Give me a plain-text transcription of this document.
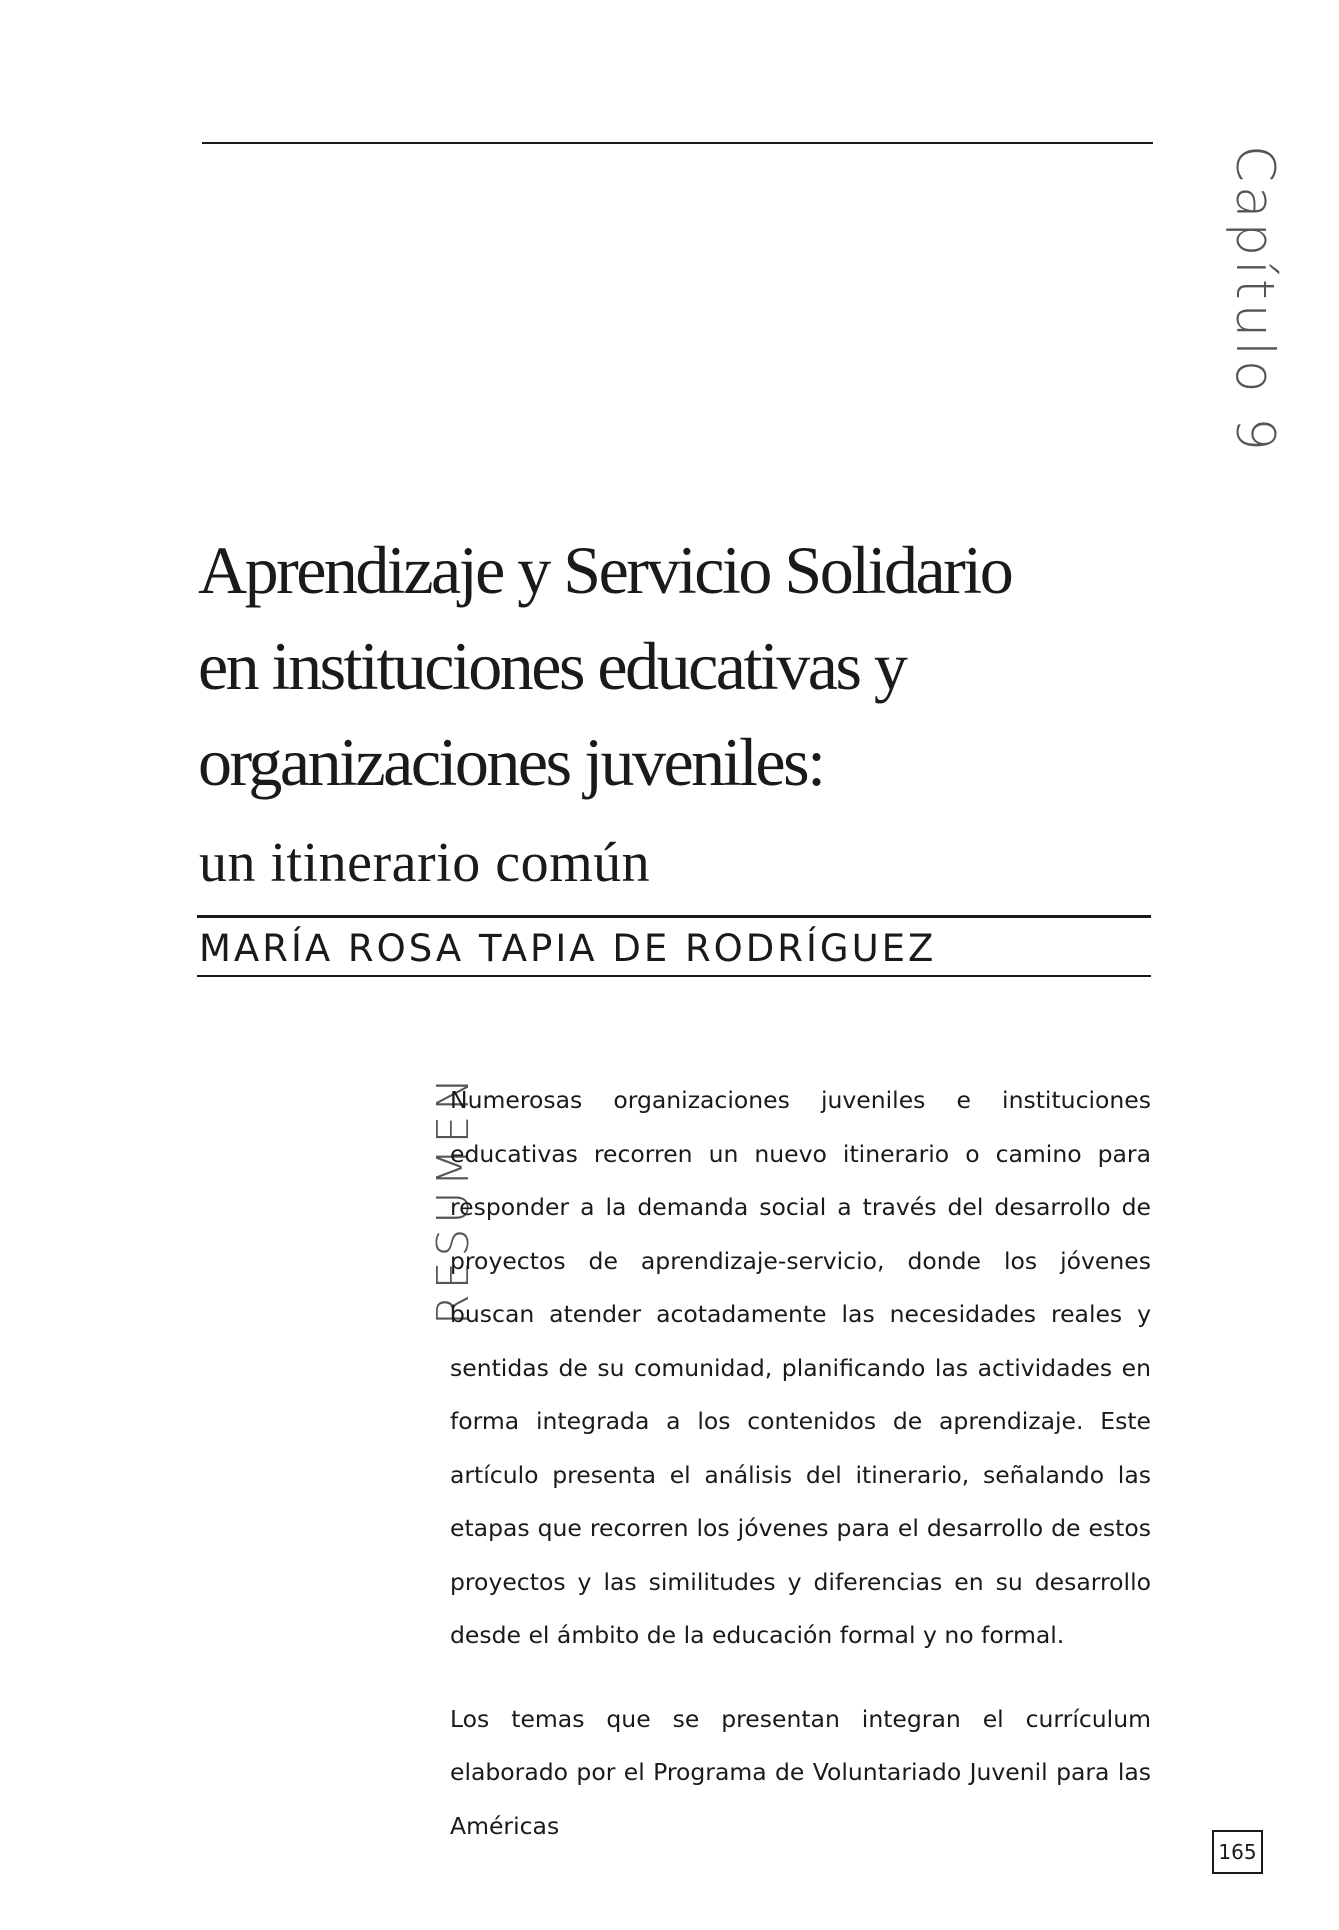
Capítulo 9
Aprendizaje y Servicio Solidario
en instituciones educativas y
organizaciones juveniles:
un itinerario común
MARÍA ROSA TAPIA DE RODRÍGUEZ
RESUMEN

Numerosas organizaciones juveniles e instituciones educativas recorren un nuevo itinerario o camino para responder a la demanda social a través del desarrollo de proyectos de aprendizaje-servicio, donde los jóvenes buscan atender acotadamente las necesidades reales y sentidas de su comunidad, planificando las actividades en forma integrada a los contenidos de aprendizaje. Este artículo presenta el análisis del itinerario, señalando las etapas que recorren los jóvenes para el desarrollo de estos proyectos y las similitudes y diferencias en su desarrollo desde el ámbito de la educación formal y no formal.

Los temas que se presentan integran el currículum elaborado por el Programa de Voluntariado Juvenil para las Américas

165
